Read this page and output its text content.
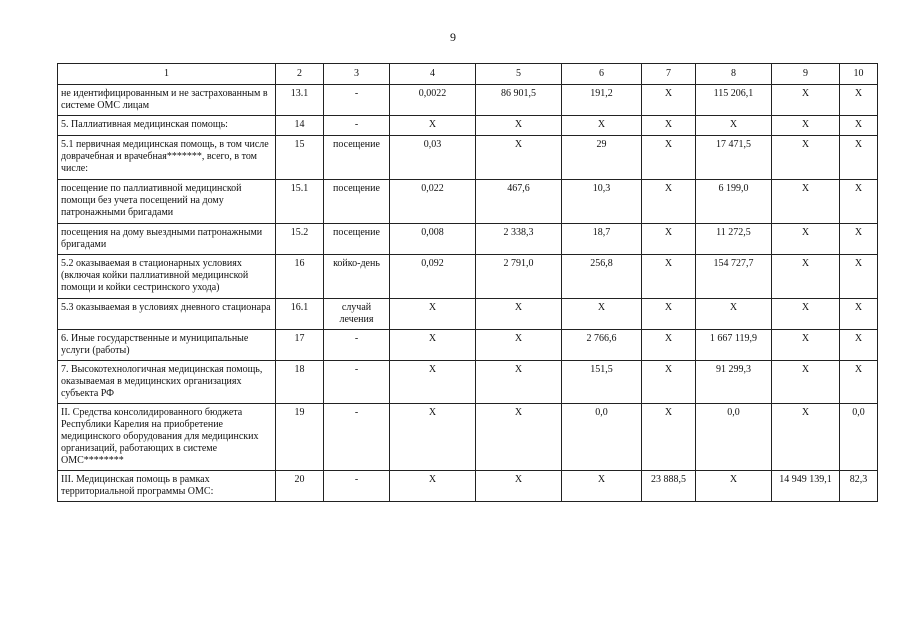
9
1	2	3	4	5	6	7	8	9	10
не идентифицированным и не застрахованным в системе ОМС лицам	13.1	-	0,0022	86 901,5	191,2	X	115 206,1	X	X
5. Паллиативная медицинская помощь:	14	-	X	X	X	X	X	X	X
5.1 первичная медицинская помощь, в том числе доврачебная и врачебная*******, всего, в том числе:	15	посещение	0,03	X	29	X	17 471,5	X	X
посещение по паллиативной медицинской помощи без учета посещений на дому патронажными бригадами	15.1	посещение	0,022	467,6	10,3	X	6 199,0	X	X
посещения на дому выездными патронажными бригадами	15.2	посещение	0,008	2 338,3	18,7	X	11 272,5	X	X
5.2 оказываемая в стационарных условиях (включая койки паллиативной медицинской помощи и койки сестринского ухода)	16	койко-день	0,092	2 791,0	256,8	X	154 727,7	X	X
5.3 оказываемая в условиях дневного стационара	16.1	случай лечения	X	X	X	X	X	X	X
6. Иные государственные и муниципальные услуги (работы)	17	-	X	X	2 766,6	X	1 667 119,9	X	X
7. Высокотехнологичная медицинская помощь, оказываемая в медицинских организациях субъекта РФ	18	-	X	X	151,5	X	91 299,3	X	X
II. Средства консолидированного бюджета Республики Карелия на приобретение медицинского оборудования для медицинских организаций, работающих в системе ОМС********	19	-	X	X	0,0	X	0,0	X	0,0
III. Медицинская помощь в рамках территориальной программы ОМС:	20	-	X	X	X	23 888,5	X	14 949 139,1	82,3
